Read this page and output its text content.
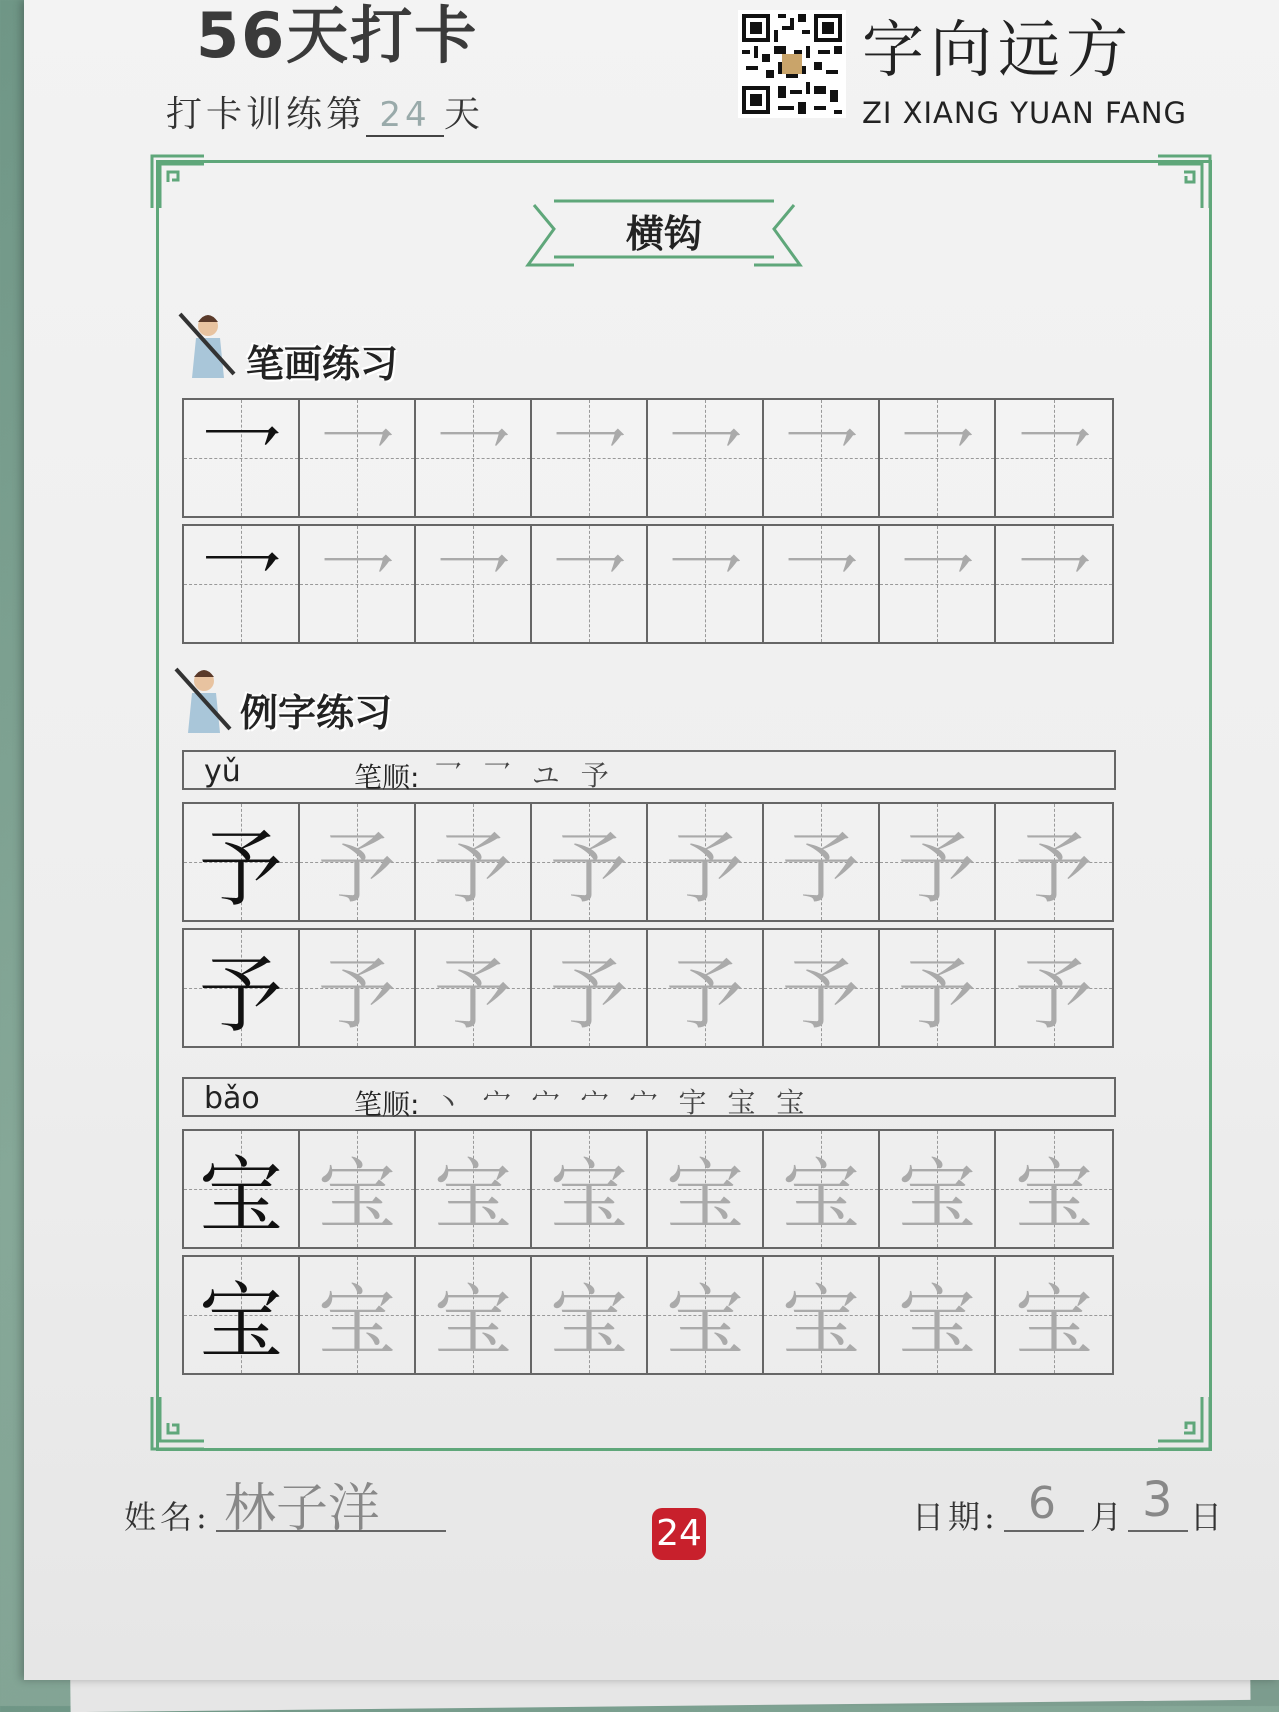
56天打卡
打卡训练第 24 天
字向远方
ZI XIANG YUAN FANG
横钩
笔画练习
乛 乛 乛 乛 乛 乛 乛 乛
乛 乛 乛 乛 乛 乛 乛 乛
例字练习
yǔ	笔顺: 乛 乛 ユ 予
予 予 予 予 予 予 予 予
予 予 予 予 予 予 予 予
bǎo	笔顺: 丶 宀 宀 宀 宀 宇 宝 宝
宝 宝 宝 宝 宝 宝 宝 宝
宝 宝 宝 宝 宝 宝 宝 宝
姓名: 林子洋	24	日期: 6 月 3 日
